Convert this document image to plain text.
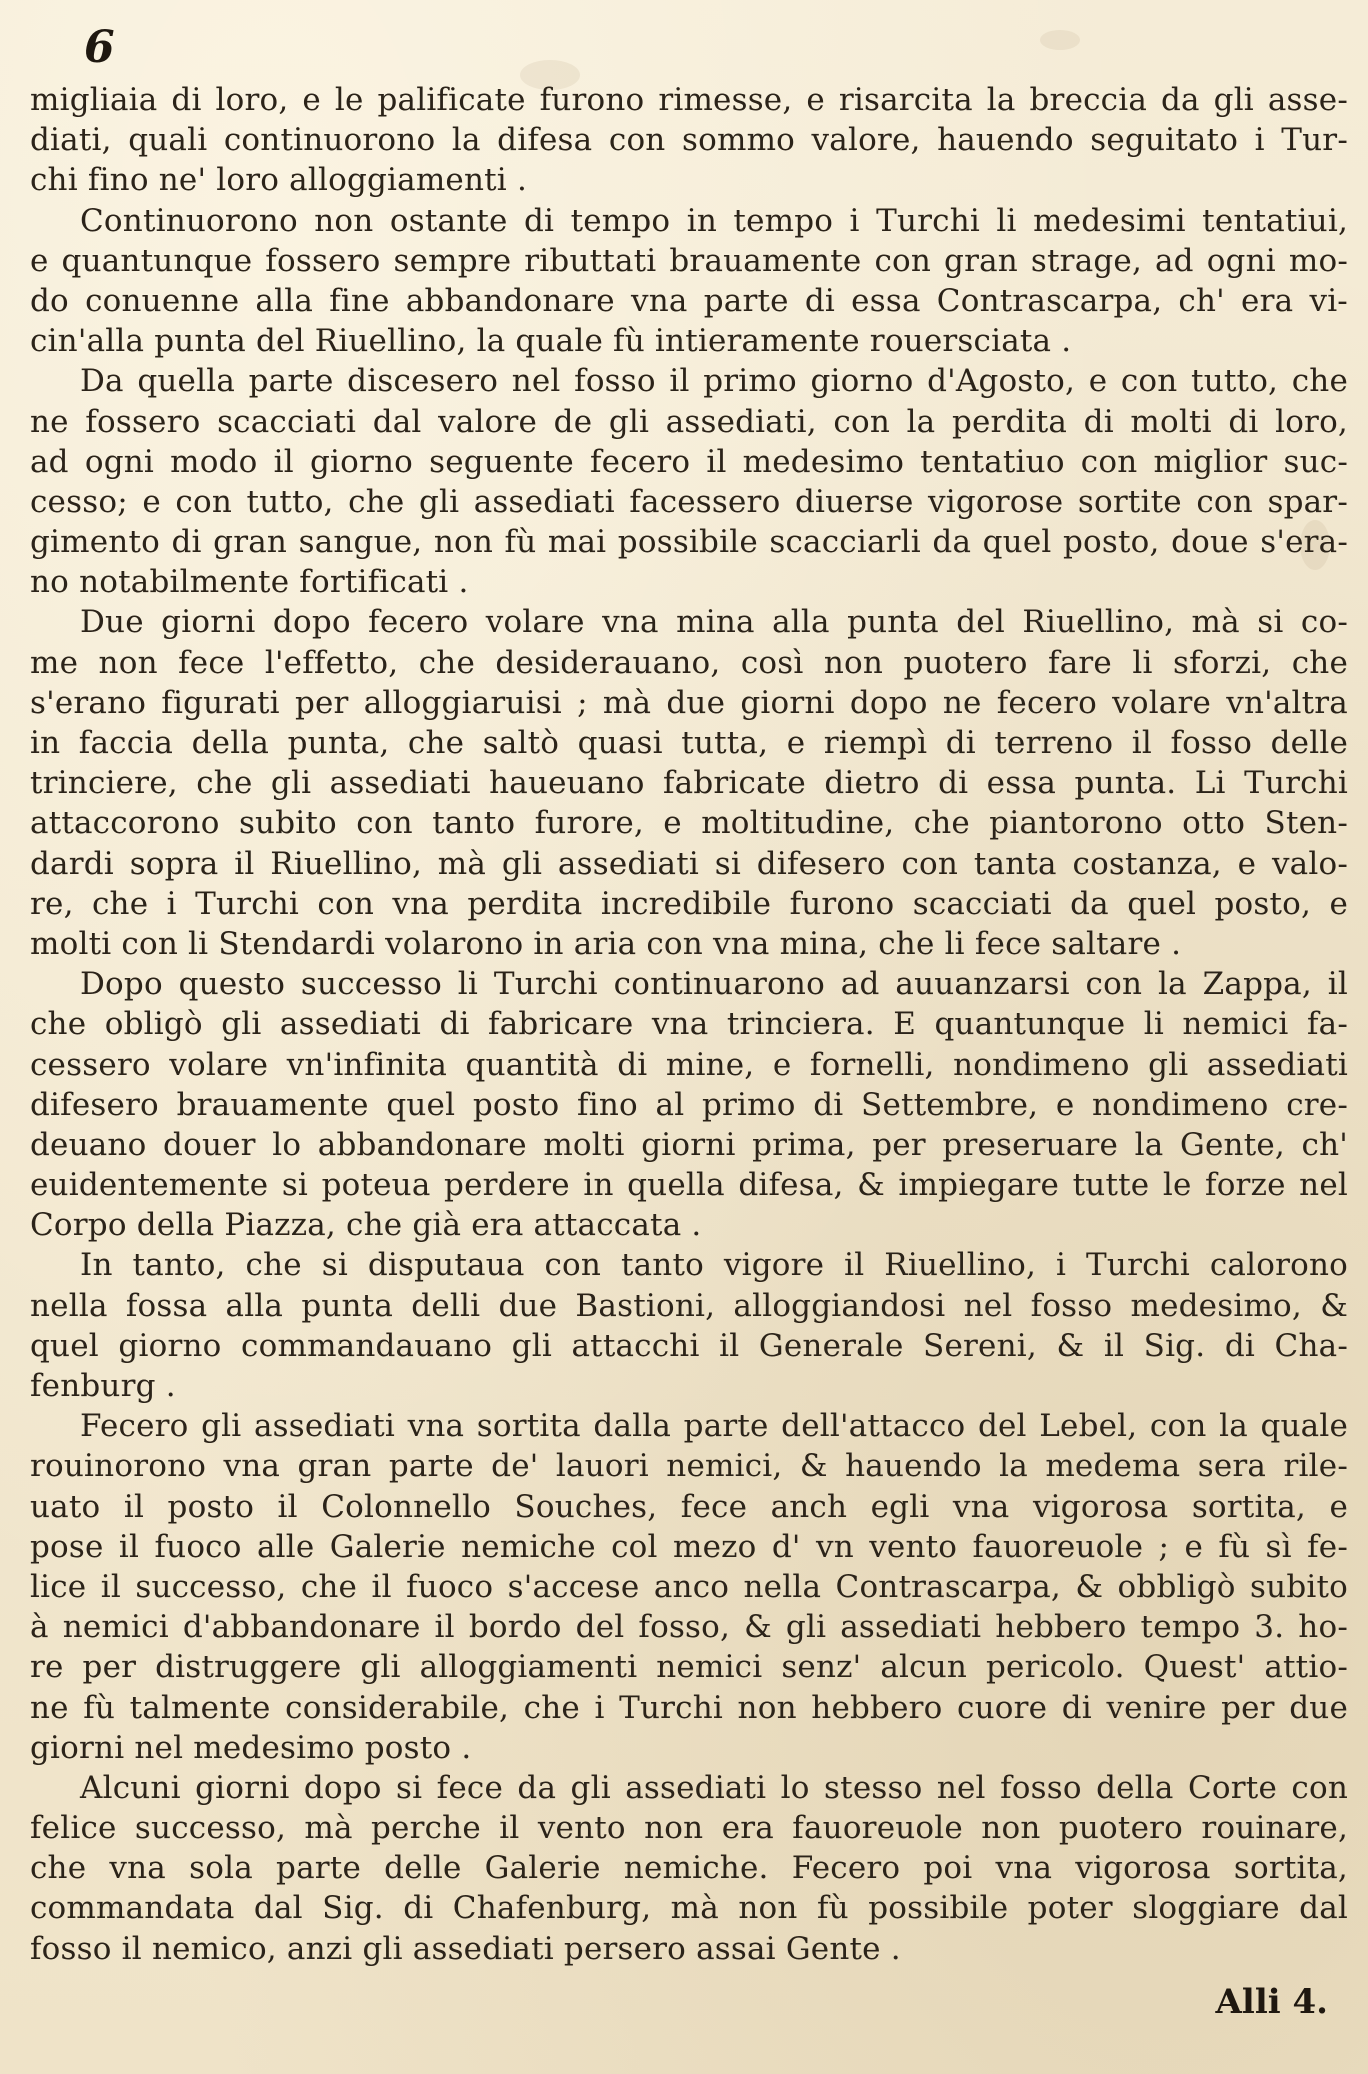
6
migliaia di loro, e le palificate furono rimesse, e risarcita la breccia da gli asse-
diati, quali continuorono la difesa con sommo valore, hauendo seguitato i Tur-
chi fino ne' loro alloggiamenti .
Continuorono non ostante di tempo in tempo i Turchi li medesimi tentatiui,
e quantunque fossero sempre ributtati brauamente con gran strage, ad ogni mo-
do conuenne alla fine abbandonare vna parte di essa Contrascarpa, ch' era vi-
cin'alla punta del Riuellino, la quale fù intieramente rouersciata .
Da quella parte discesero nel fosso il primo giorno d'Agosto, e con tutto, che
ne fossero scacciati dal valore de gli assediati, con la perdita di molti di loro,
ad ogni modo il giorno seguente fecero il medesimo tentatiuo con miglior suc-
cesso; e con tutto, che gli assediati facessero diuerse vigorose sortite con spar-
gimento di gran sangue, non fù mai possibile scacciarli da quel posto, doue s'era-
no notabilmente fortificati .
Due giorni dopo fecero volare vna mina alla punta del Riuellino, mà si co-
me non fece l'effetto, che desiderauano, così non puotero fare li sforzi, che
s'erano figurati per alloggiaruisi ; mà due giorni dopo ne fecero volare vn'altra
in faccia della punta, che saltò quasi tutta, e riempì di terreno il fosso delle
trinciere, che gli assediati haueuano fabricate dietro di essa punta. Li Turchi
attaccorono subito con tanto furore, e moltitudine, che piantorono otto Sten-
dardi sopra il Riuellino, mà gli assediati si difesero con tanta costanza, e valo-
re, che i Turchi con vna perdita incredibile furono scacciati da quel posto, e
molti con li Stendardi volarono in aria con vna mina, che li fece saltare .
Dopo questo successo li Turchi continuarono ad auuanzarsi con la Zappa, il
che obligò gli assediati di fabricare vna trinciera. E quantunque li nemici fa-
cessero volare vn'infinita quantità di mine, e fornelli, nondimeno gli assediati
difesero brauamente quel posto fino al primo di Settembre, e nondimeno cre-
deuano douer lo abbandonare molti giorni prima, per preseruare la Gente, ch'
euidentemente si poteua perdere in quella difesa, & impiegare tutte le forze nel
Corpo della Piazza, che già era attaccata .
In tanto, che si disputaua con tanto vigore il Riuellino, i Turchi calorono
nella fossa alla punta delli due Bastioni, alloggiandosi nel fosso medesimo, &
quel giorno commandauano gli attacchi il Generale Sereni, & il Sig. di Cha-
fenburg .
Fecero gli assediati vna sortita dalla parte dell'attacco del Lebel, con la quale
rouinorono vna gran parte de' lauori nemici, & hauendo la medema sera rile-
uato il posto il Colonnello Souches, fece anch egli vna vigorosa sortita, e
pose il fuoco alle Galerie nemiche col mezo d' vn vento fauoreuole ; e fù sì fe-
lice il successo, che il fuoco s'accese anco nella Contrascarpa, & obbligò subito
à nemici d'abbandonare il bordo del fosso, & gli assediati hebbero tempo 3. ho-
re per distruggere gli alloggiamenti nemici senz' alcun pericolo. Quest' attio-
ne fù talmente considerabile, che i Turchi non hebbero cuore di venire per due
giorni nel medesimo posto .
Alcuni giorni dopo si fece da gli assediati lo stesso nel fosso della Corte con
felice successo, mà perche il vento non era fauoreuole non puotero rouinare,
che vna sola parte delle Galerie nemiche. Fecero poi vna vigorosa sortita,
commandata dal Sig. di Chafenburg, mà non fù possibile poter sloggiare dal
fosso il nemico, anzi gli assediati persero assai Gente .
Alli 4.
